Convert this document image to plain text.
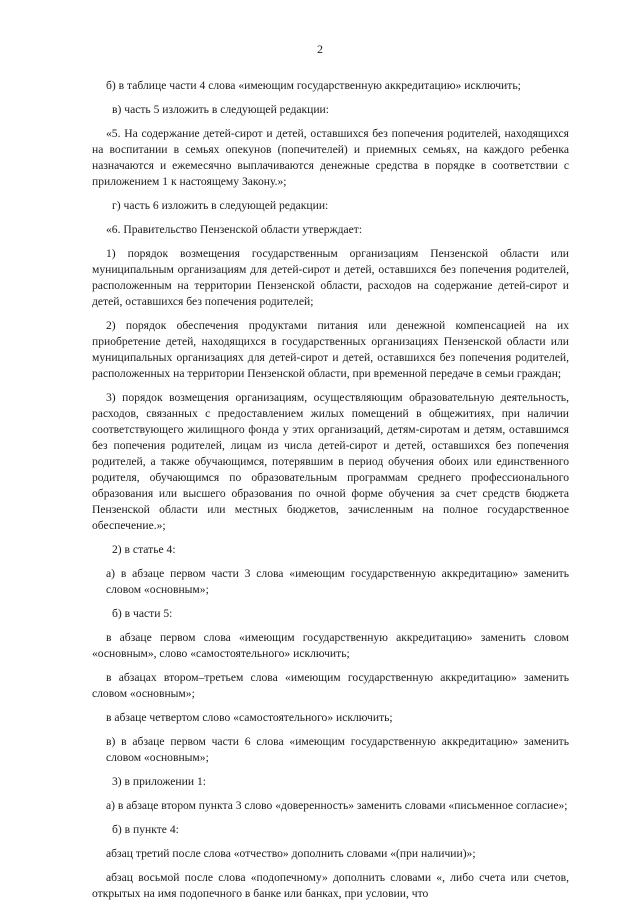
2

б) в таблице части 4 слова «имеющим государственную аккредитацию» исключить;

в) часть 5 изложить в следующей редакции:

«5. На содержание детей-сирот и детей, оставшихся без попечения родителей, находящихся на воспитании в семьях опекунов (попечителей) и приемных семьях, на каждого ребенка назначаются и ежемесячно выплачиваются денежные средства в порядке в соответствии с приложением 1 к настоящему Закону.»;

г) часть 6 изложить в следующей редакции:

«6. Правительство Пензенской области утверждает:

1) порядок возмещения государственным организациям Пензенской области или муниципальным организациям для детей-сирот и детей, оставшихся без попечения родителей, расположенным на территории Пензенской области, расходов на содержание детей-сирот и детей, оставшихся без попечения родителей;

2) порядок обеспечения продуктами питания или денежной компенсацией на их приобретение детей, находящихся в государственных организациях Пензенской области или муниципальных организациях для детей-сирот и детей, оставшихся без попечения родителей, расположенных на территории Пензенской области, при временной передаче в семьи граждан;

3) порядок возмещения организациям, осуществляющим образовательную деятельность, расходов, связанных с предоставлением жилых помещений в общежитиях, при наличии соответствующего жилищного фонда у этих организаций, детям-сиротам и детям, оставшимся без попечения родителей, лицам из числа детей-сирот и детей, оставшихся без попечения родителей, а также обучающимся, потерявшим в период обучения обоих или единственного родителя, обучающимся по образовательным программам среднего профессионального образования или высшего образования по очной форме обучения за счет средств бюджета Пензенской области или местных бюджетов, зачисленным на полное государственное обеспечение.»;

2) в статье 4:

а) в абзаце первом части 3 слова «имеющим государственную аккредитацию» заменить словом «основным»;

б) в части 5:

в абзаце первом слова «имеющим государственную аккредитацию» заменить словом «основным», слово «самостоятельного» исключить;

в абзацах втором–третьем слова «имеющим государственную аккредитацию» заменить словом «основным»;

в абзаце четвертом слово «самостоятельного» исключить;

в) в абзаце первом части 6 слова «имеющим государственную аккредитацию» заменить словом «основным»;

3) в приложении 1:

а) в абзаце втором пункта 3 слово «доверенность» заменить словами «письменное согласие»;

б) в пункте 4:

абзац третий после слова «отчество» дополнить словами «(при наличии)»;

абзац восьмой после слова «подопечному» дополнить словами «, либо счета или счетов, открытых на имя подопечного в банке или банках, при условии, что
